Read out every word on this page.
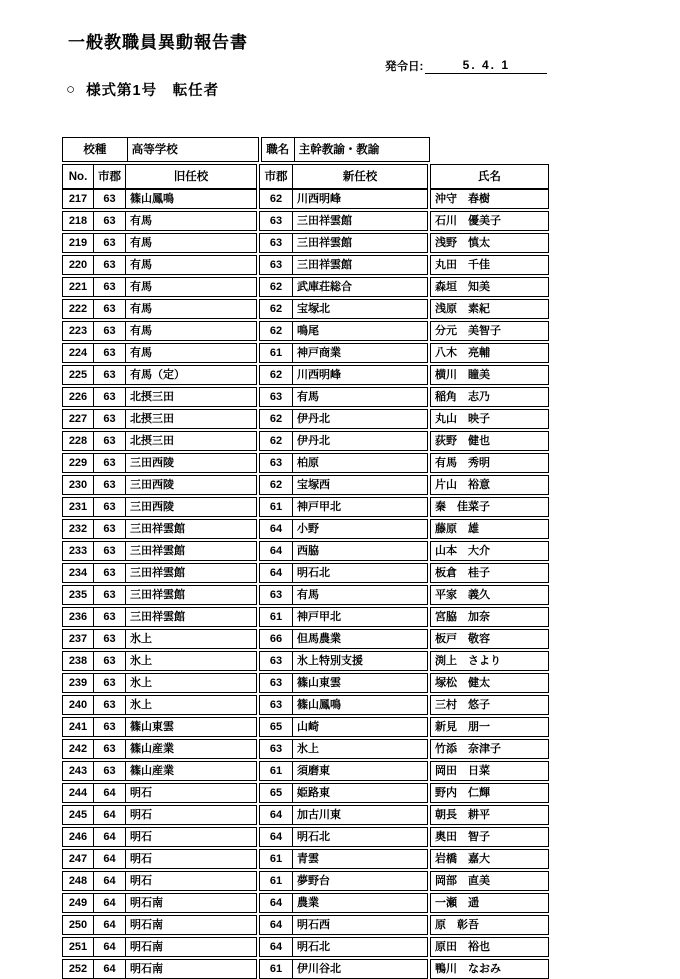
一般教職員異動報告書
発令日:	5. 4. 1
○ 様式第1号　転任者
校種	高等学校	職名 主幹教諭・教諭
No. 市郡	旧任校	市郡	新任校	氏名
217	63	篠山鳳鳴	62	川西明峰	沖守　春樹
218	63	有馬	63	三田祥雲館	石川　優美子
219	63	有馬	63	三田祥雲館	浅野　慎太
220	63	有馬	63	三田祥雲館	丸田　千佳
221	63	有馬	62	武庫荘総合	森垣　知美
222	63	有馬	62	宝塚北	浅原　素紀
223	63	有馬	62	鳴尾	分元　美智子
224	63	有馬	61	神戸商業	八木　亮輔
225	63	有馬（定）	62	川西明峰	横川　瞳美
226	63	北摂三田	63	有馬	稲角　志乃
227	63	北摂三田	62	伊丹北	丸山　映子
228	63	北摂三田	62	伊丹北	荻野　健也
229	63	三田西陵	63	柏原	有馬　秀明
230	63	三田西陵	62	宝塚西	片山　裕意
231	63	三田西陵	61	神戸甲北	秦　佳菜子
232	63	三田祥雲館	64	小野	藤原　雄
233	63	三田祥雲館	64	西脇	山本　大介
234	63	三田祥雲館	64	明石北	板倉　桂子
235	63	三田祥雲館	63	有馬	平家　義久
236	63	三田祥雲館	61	神戸甲北	宮脇　加奈
237	63	氷上	66	但馬農業	板戸　敬容
238	63	氷上	63	氷上特別支援	渕上　さより
239	63	氷上	63	篠山東雲	塚松　健太
240	63	氷上	63	篠山鳳鳴	三村　悠子
241	63	篠山東雲	65	山崎	新見　朋一
242	63	篠山産業	63	氷上	竹添　奈津子
243	63	篠山産業	61	須磨東	岡田　日菜
244	64	明石	65	姫路東	野内　仁輝
245	64	明石	64	加古川東	朝長　耕平
246	64	明石	64	明石北	奥田　智子
247	64	明石	61	青雲	岩橋　嘉大
248	64	明石	61	夢野台	岡部　直美
249	64	明石南	64	農業	一瀬　遥
250	64	明石南	64	明石西	原　彰吾
251	64	明石南	64	明石北	原田　裕也
252	64	明石南	61	伊川谷北	鴨川　なおみ
